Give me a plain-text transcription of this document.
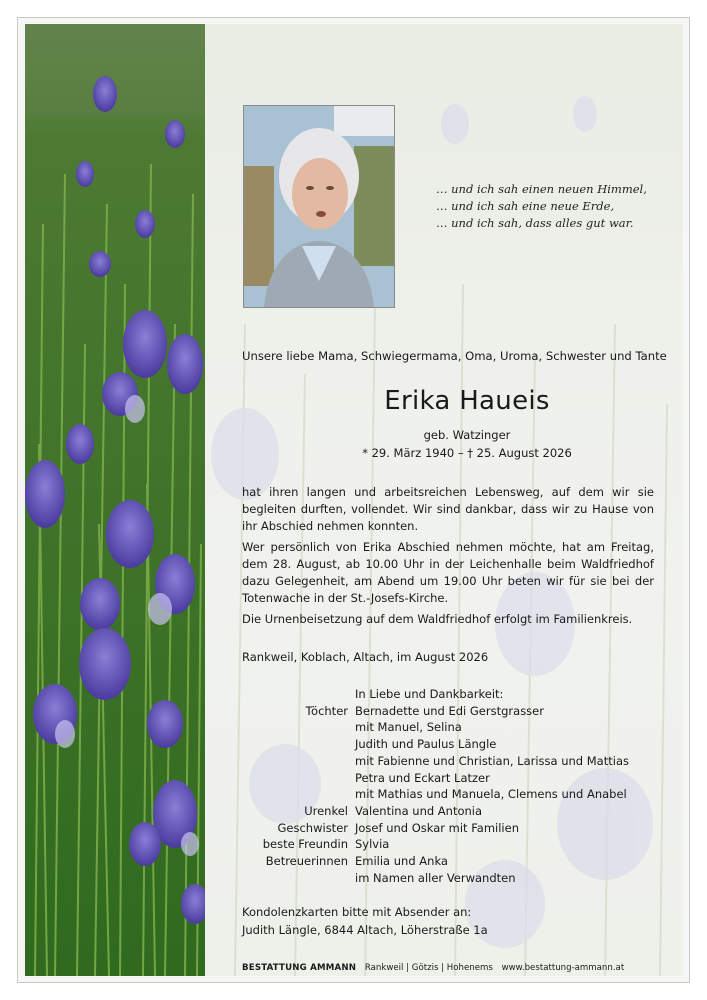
… und ich sah einen neuen Himmel,
… und ich sah eine neue Erde,
… und ich sah, dass alles gut war.
Unsere liebe Mama, Schwiegermama, Oma, Uroma, Schwester und Tante
Erika Haueis
geb. Watzinger
* 29. März 1940 – † 25. August 2026
hat ihren langen und arbeitsreichen Lebensweg, auf dem wir sie begleiten durften, vollendet. Wir sind dankbar, dass wir zu Hause von ihr Abschied nehmen konnten.
Wer persönlich von Erika Abschied nehmen möchte, hat am Freitag, dem 28. August, ab 10.00 Uhr in der Leichenhalle beim Waldfriedhof dazu Gelegenheit, am Abend um 19.00 Uhr beten wir für sie bei der Totenwache in der St.-Josefs-Kirche.
Die Urnenbeisetzung auf dem Waldfriedhof erfolgt im Familienkreis.
Rankweil, Koblach, Altach, im August 2026
In Liebe und Dankbarkeit:
Töchter Bernadette und Edi Gerstgrasser
mit Manuel, Selina
Judith und Paulus Längle
mit Fabienne und Christian, Larissa und Mattias
Petra und Eckart Latzer
mit Mathias und Manuela, Clemens und Anabel
Urenkel Valentina und Antonia
Geschwister Josef und Oskar mit Familien
beste Freundin Sylvia
Betreuerinnen Emilia und Anka
im Namen aller Verwandten
Kondolenzkarten bitte mit Absender an:
Judith Längle, 6844 Altach, Löherstraße 1a
BESTATTUNG AMMANN Rankweil | Götzis | Hohenems www.bestattung-ammann.at
